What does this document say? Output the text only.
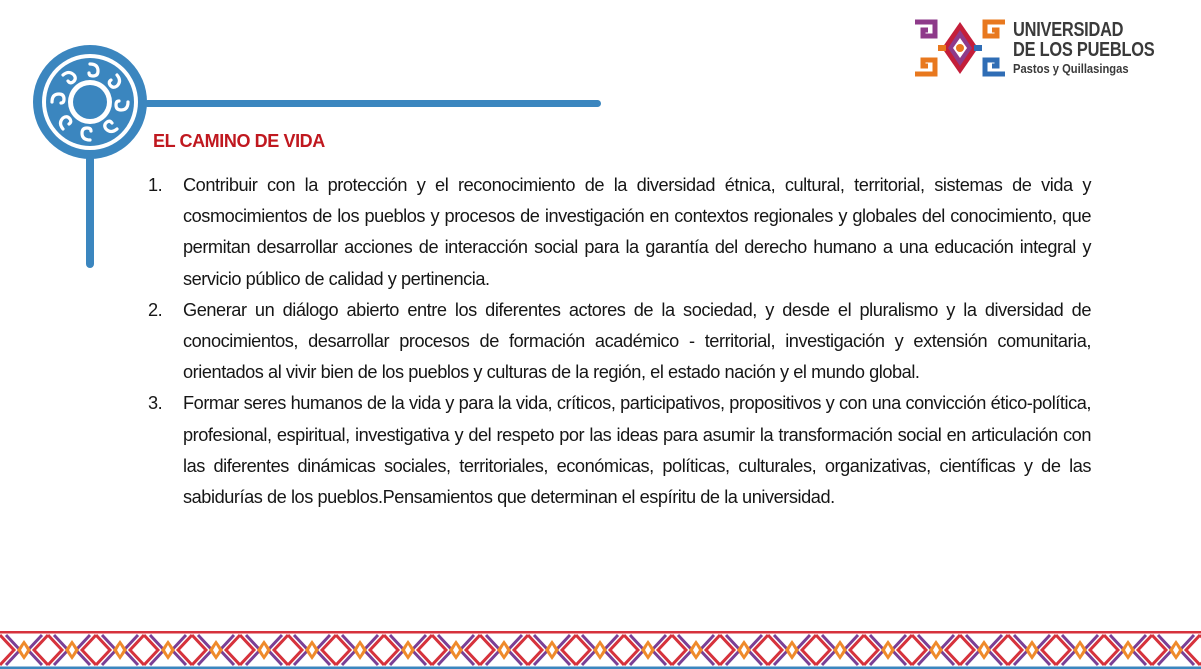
UNIVERSIDAD
DE LOS PUEBLOS
Pastos y Quillasingas
EL CAMINO DE VIDA
1. Contribuir con la protección y el reconocimiento de la diversidad étnica, cultural, territorial, sistemas de vida y cosmocimientos de los pueblos y procesos de investigación en contextos regionales y globales del conocimiento, que permitan desarrollar acciones de interacción social para la garantía del derecho humano a una educación integral y servicio público de calidad y pertinencia.
2. Generar un diálogo abierto entre los diferentes actores de la sociedad, y desde el pluralismo y la diversidad de conocimientos, desarrollar procesos de formación académico - territorial, investigación y extensión comunitaria, orientados al vivir bien de los pueblos y culturas de la región, el estado nación y el mundo global.
3. Formar seres humanos de la vida y para la vida, críticos, participativos, propositivos y con una convicción ético-política, profesional, espiritual, investigativa y del respeto por las ideas para asumir la transformación social en articulación con las diferentes dinámicas sociales, territoriales, económicas, políticas, culturales, organizativas, científicas y de las sabidurías de los pueblos.Pensamientos que determinan el espíritu de la universidad.
